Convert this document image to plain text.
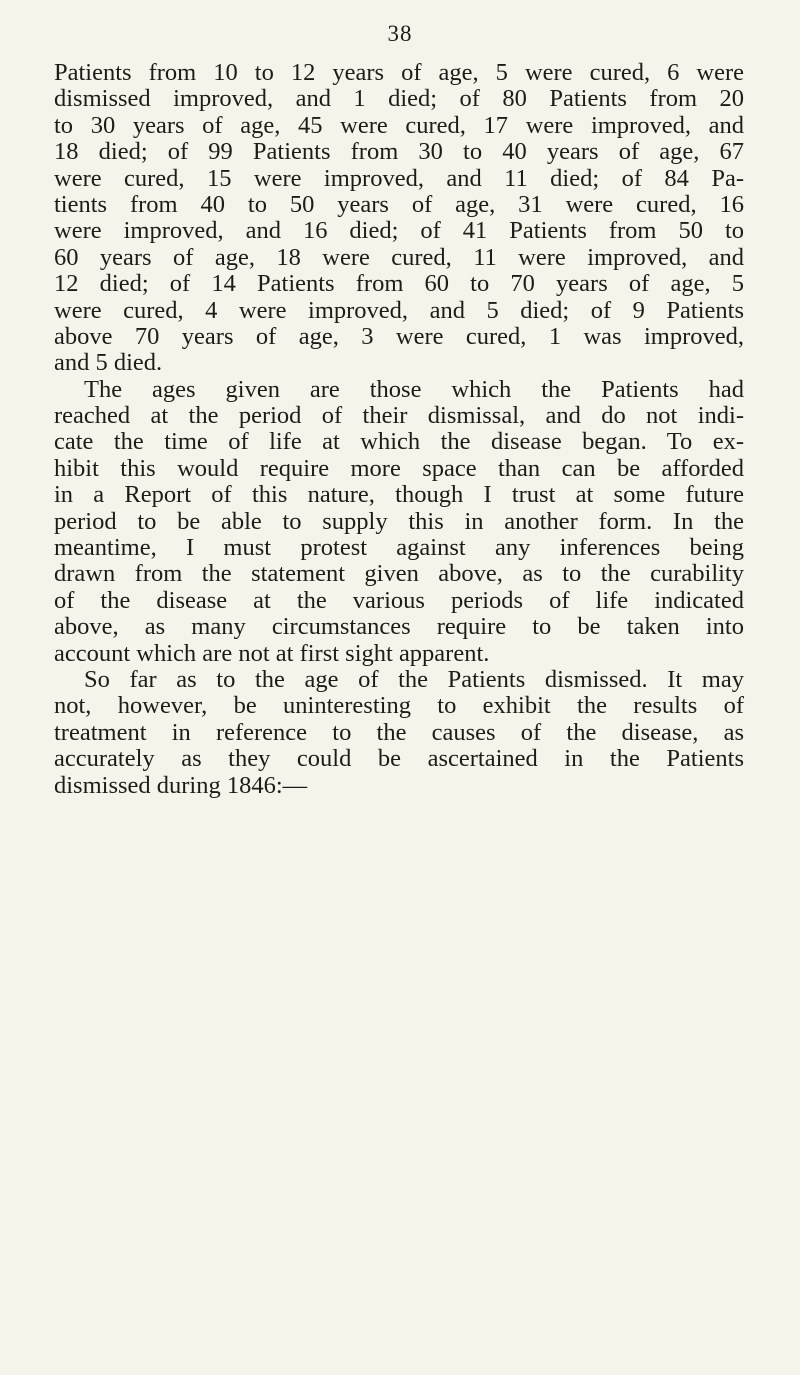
38
Patients from 10 to 12 years of age, 5 were cured, 6 were
dismissed improved, and 1 died; of 80 Patients from 20
to 30 years of age, 45 were cured, 17 were improved, and
18 died; of 99 Patients from 30 to 40 years of age, 67
were cured, 15 were improved, and 11 died; of 84 Pa-
tients from 40 to 50 years of age, 31 were cured, 16
were improved, and 16 died; of 41 Patients from 50 to
60 years of age, 18 were cured, 11 were improved, and
12 died; of 14 Patients from 60 to 70 years of age, 5
were cured, 4 were improved, and 5 died; of 9 Patients
above 70 years of age, 3 were cured, 1 was improved,
and 5 died.
The ages given are those which the Patients had
reached at the period of their dismissal, and do not indi-
cate the time of life at which the disease began. To ex-
hibit this would require more space than can be afforded
in a Report of this nature, though I trust at some future
period to be able to supply this in another form. In the
meantime, I must protest against any inferences being
drawn from the statement given above, as to the curability
of the disease at the various periods of life indicated
above, as many circumstances require to be taken into
account which are not at first sight apparent.
So far as to the age of the Patients dismissed. It may
not, however, be uninteresting to exhibit the results of
treatment in reference to the causes of the disease, as
accurately as they could be ascertained in the Patients
dismissed during 1846:—
